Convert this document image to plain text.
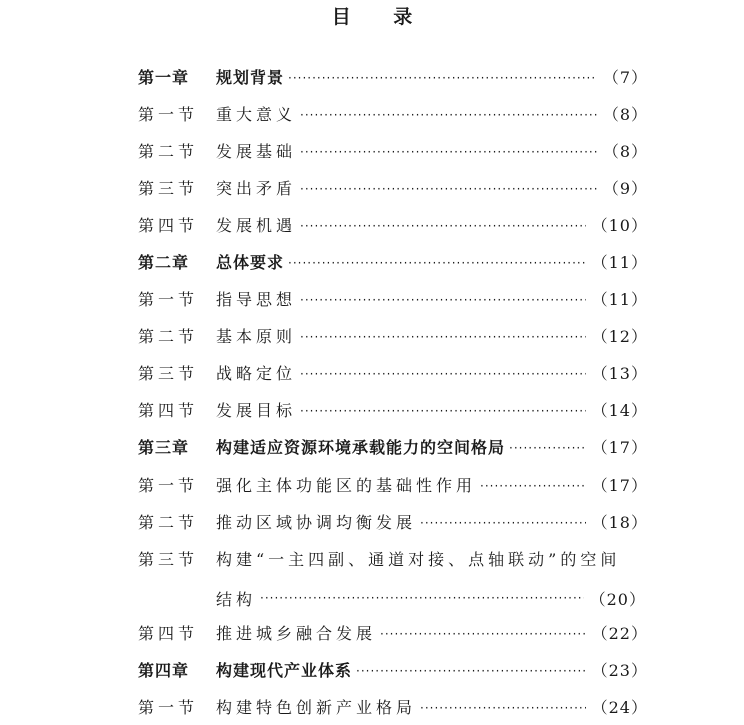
目 录
第一章	规划背景 ·····	（7）
第一节	重大意义 ·····	（8）
第二节	发展基础 ·····	（8）
第三节	突出矛盾 ·····	（9）
第四节	发展机遇 ·····	（10）
第二章	总体要求 ·····	（11）
第一节	指导思想 ·····	（11）
第二节	基本原则 ·····	（12）
第三节	战略定位 ·····	（13）
第四节	发展目标 ·····	（14）
第三章	构建适应资源环境承载能力的空间格局 ·····	（17）
第一节	强化主体功能区的基础性作用 ·····	（17）
第二节	推动区域协调均衡发展 ·····	（18）
第三节	构建“一主四副、通道对接、点轴联动”的空间
结构 ·····	（20）
第四节	推进城乡融合发展 ·····	（22）
第四章	构建现代产业体系 ·····	（23）
第一节	构建特色创新产业格局 ·····	（24）
